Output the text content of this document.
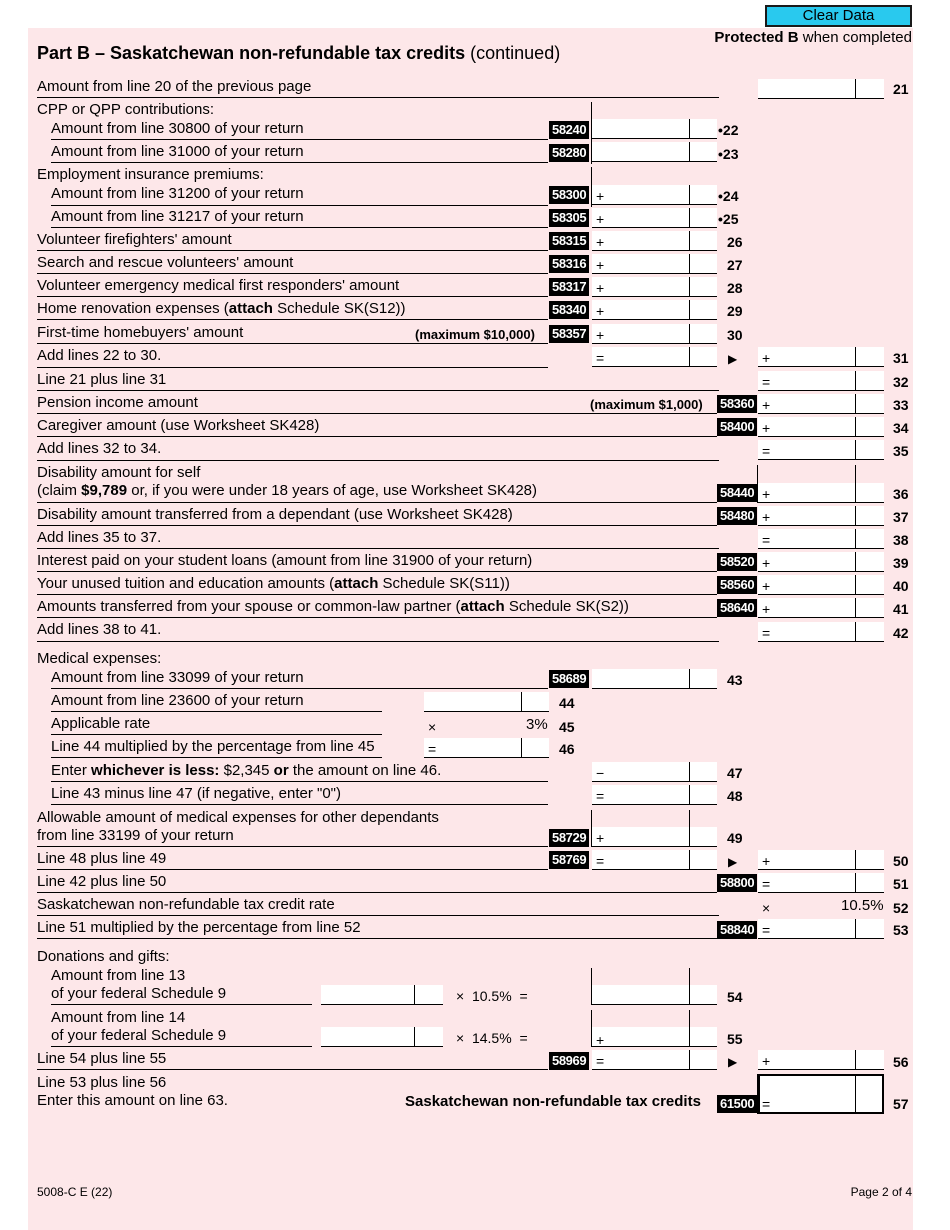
Clear Data
Protected B when completed
Part B – Saskatchewan non-refundable tax credits (continued)
Amount from line 20 of the previous page	21
CPP or QPP contributions:
Amount from line 30800 of your return	58240	•22
Amount from line 31000 of your return	58280	•23
Employment insurance premiums:
Amount from line 31200 of your return	58300 +	•24
Amount from line 31217 of your return	58305 +	•25
Volunteer firefighters' amount	58315 +	26
Search and rescue volunteers' amount	58316 +	27
Volunteer emergency medical first responders' amount	58317 +	28
Home renovation expenses (attach Schedule SK(S12))	58340 +	29
First-time homebuyers' amount	(maximum $10,000) 58357 +	30
Add lines 22 to 30.	=	▶ +	31
Line 21 plus line 31	=	32
Pension income amount	(maximum $1,000) 58360 +	33
Caregiver amount (use Worksheet SK428)	58400 +	34
Add lines 32 to 34.	=	35
Disability amount for self
(claim $9,789 or, if you were under 18 years of age, use Worksheet SK428)	58440 +	36
Disability amount transferred from a dependant (use Worksheet SK428)	58480 +	37
Add lines 35 to 37.	=	38
Interest paid on your student loans (amount from line 31900 of your return)	58520 +	39
Your unused tuition and education amounts (attach Schedule SK(S11))	58560 +	40
Amounts transferred from your spouse or common-law partner (attach Schedule SK(S2))	58640 +	41
Add lines 38 to 41.	=	42
Medical expenses:
Amount from line 33099 of your return	58689	43
Amount from line 23600 of your return	44
Applicable rate	×	3% 45
Line 44 multiplied by the percentage from line 45	=	46
Enter whichever is less: $2,345 or the amount on line 46.	−	47
Line 43 minus line 47 (if negative, enter "0")	=	48
Allowable amount of medical expenses for other dependants
from line 33199 of your return	58729 +	49
Line 48 plus line 49	58769 =	▶ +	50
Line 42 plus line 50	58800 =	51
Saskatchewan non-refundable tax credit rate	×	10.5% 52
Line 51 multiplied by the percentage from line 52	58840 =	53
Donations and gifts:
Amount from line 13
of your federal Schedule 9	× 10.5% =	54
Amount from line 14
of your federal Schedule 9	× 14.5% =	+	55
Line 54 plus line 55	58969 =	▶ +	56
Line 53 plus line 56
Enter this amount on line 63.	Saskatchewan non-refundable tax credits 61500 =	57
5008-C E (22)	Page 2 of 4
